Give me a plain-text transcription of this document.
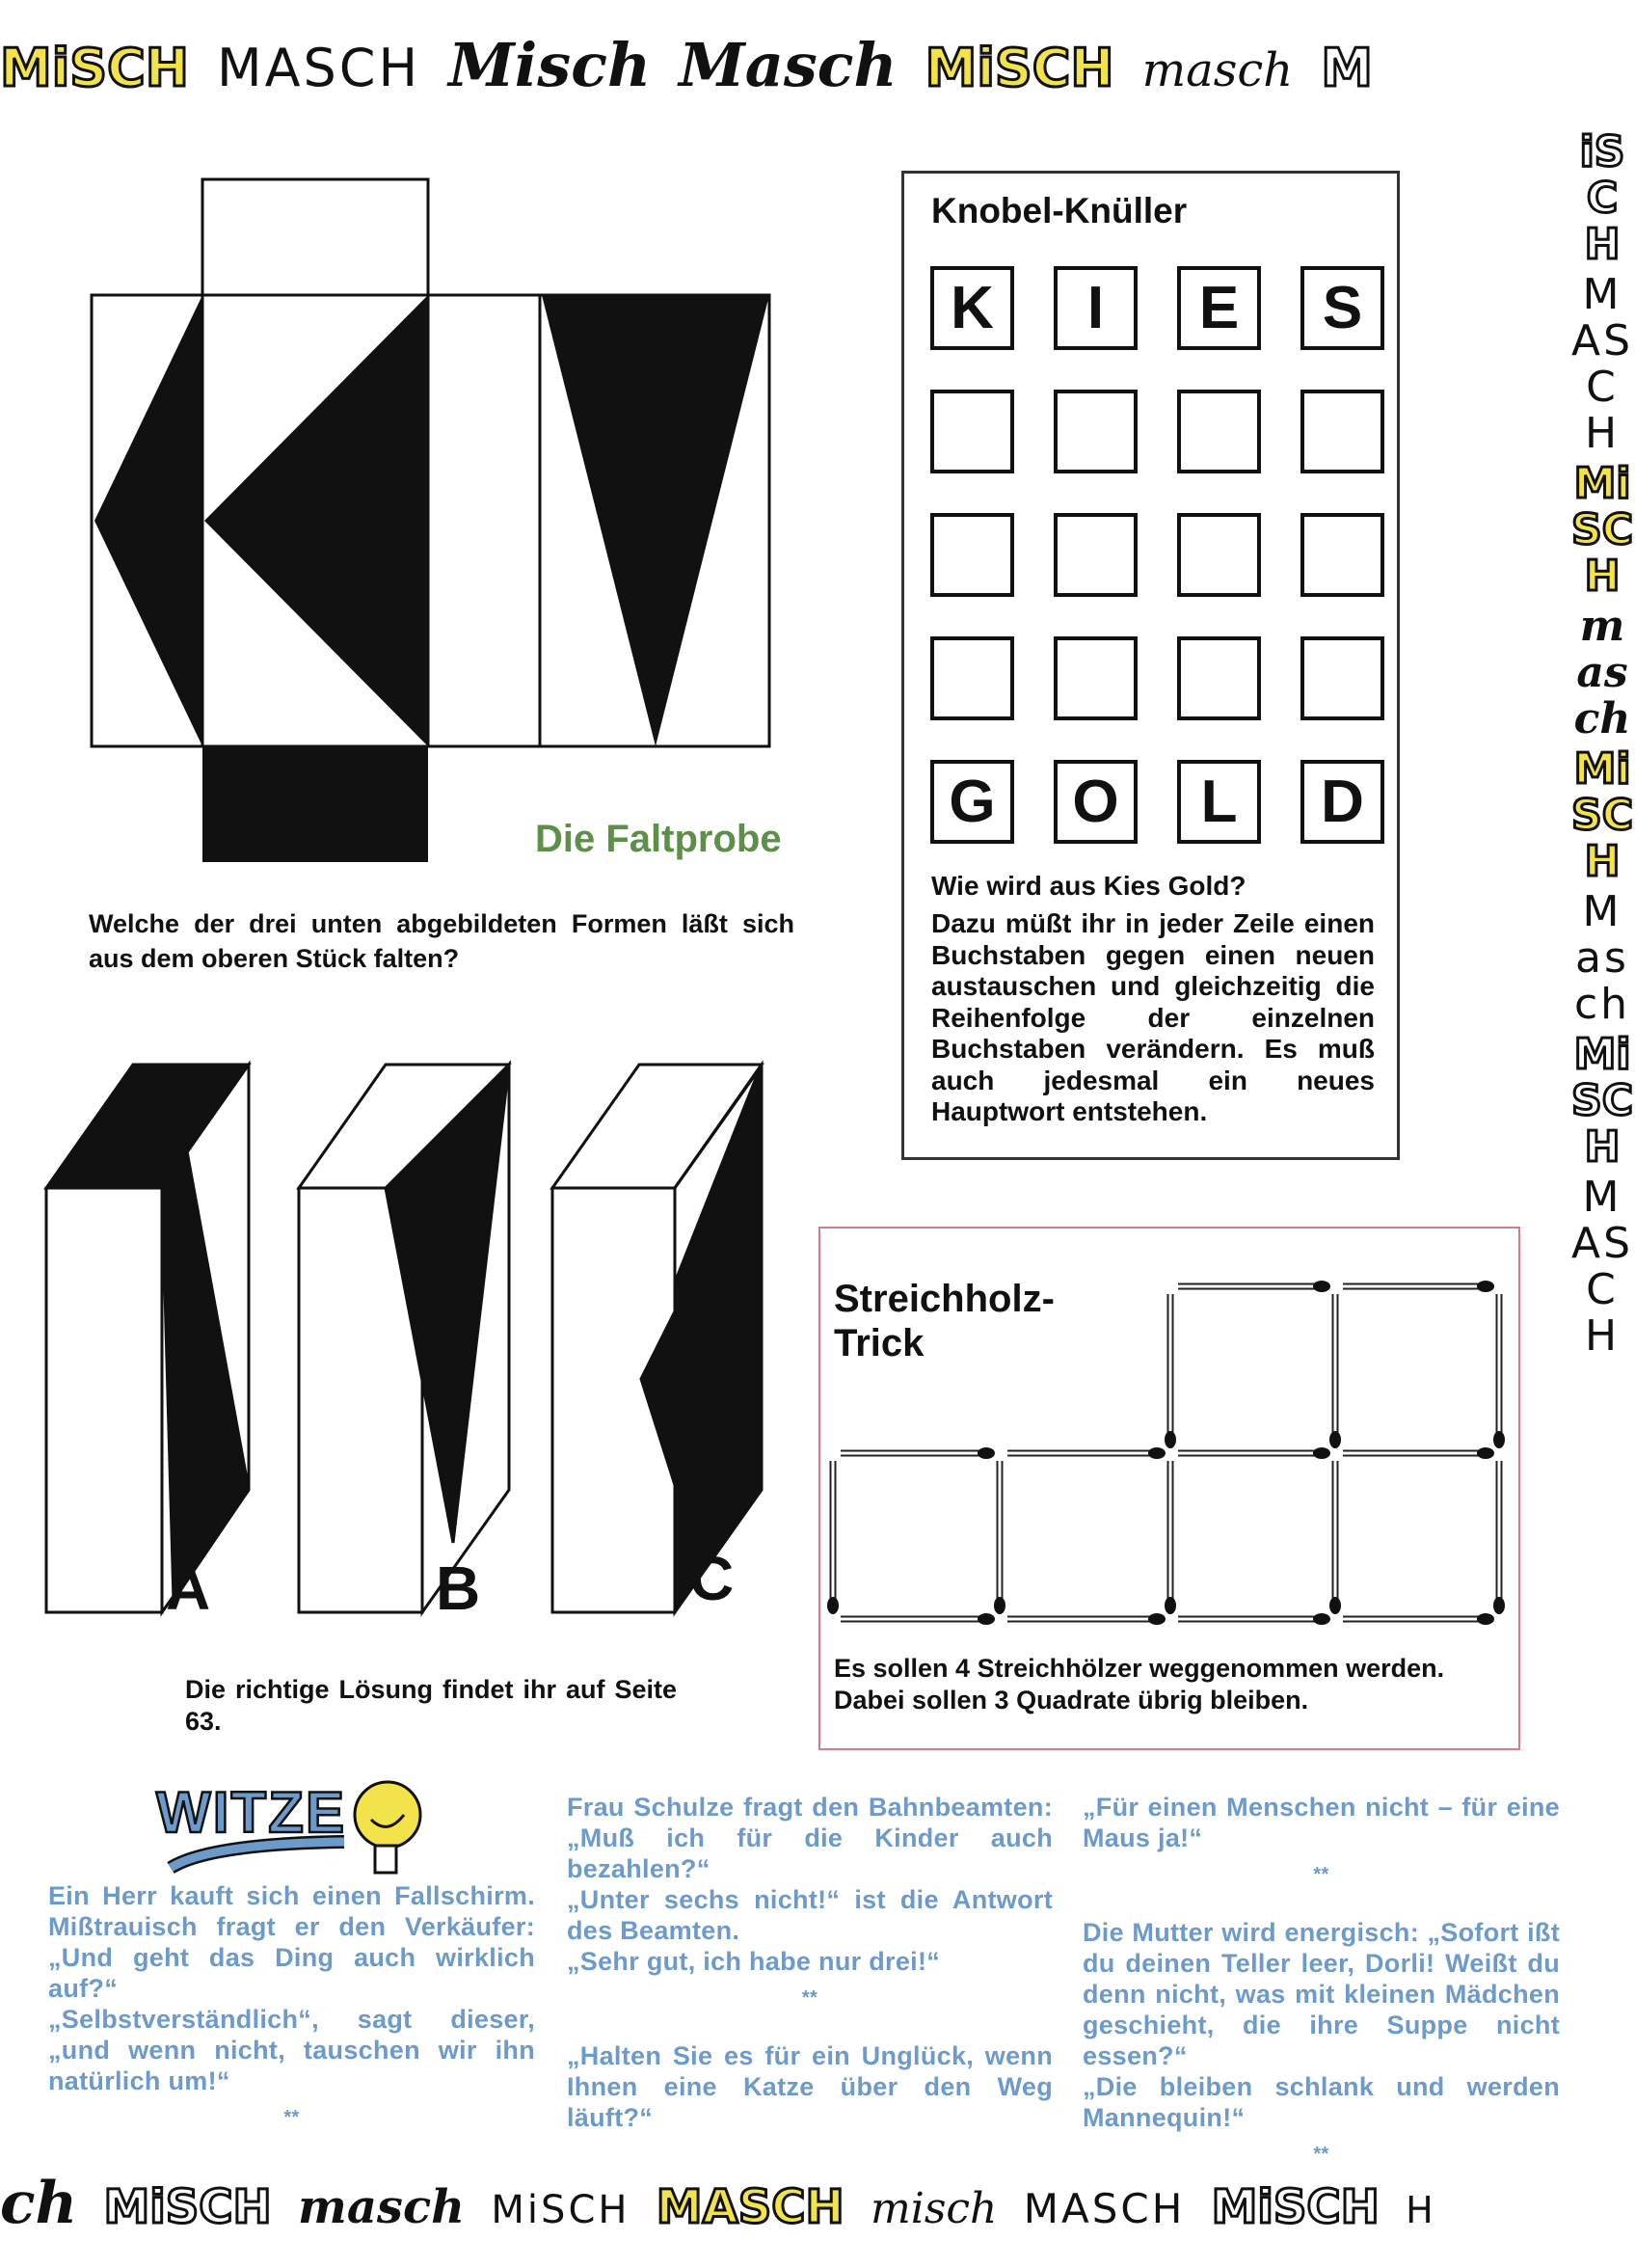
MiSCH MASCH Misch Masch MiSCH masch M
iSCH
MASCH
MiSCH
masch
MiSCH
Masch
MiSCH
MASCH
ch MiSCH masch MiSCH MASCH misch MASCH MiSCH H
A	B	C
Die Faltprobe
Welche der drei unten abgebildeten Formen läßt sich aus dem oberen Stück falten?
Die richtige Lösung findet ihr auf Seite 63.
Knobel-Knüller
K	I	E	S
G	O	L	D
Wie wird aus Kies Gold?
Dazu müßt ihr in jeder Zeile einen Buchstaben gegen einen neuen austauschen und gleichzeitig die Reihenfolge der einzelnen Buchstaben verändern. Es muß auch jedesmal ein neues Hauptwort entstehen.
Streichholz-Trick
Es sollen 4 Streichhölzer weggenommen werden. Dabei sollen 3 Quadrate übrig bleiben.
WITZE

Ein Herr kauft sich einen Fallschirm. Mißtrauisch fragt er den Verkäufer: „Und geht das Ding auch wirklich auf?“

„Selbstverständlich“, sagt dieser, „und wenn nicht, tauschen wir ihn natürlich um!“

**

Frau Schulze fragt den Bahnbeamten: „Muß ich für die Kinder auch bezahlen?“

„Unter sechs nicht!“ ist die Antwort des Beamten.

„Sehr gut, ich habe nur drei!“

**

„Halten Sie es für ein Unglück, wenn Ihnen eine Katze über den Weg läuft?“

„Für einen Menschen nicht – für eine Maus ja!“

**

Die Mutter wird energisch: „Sofort ißt du deinen Teller leer, Dorli! Weißt du denn nicht, was mit kleinen Mädchen geschieht, die ihre Suppe nicht essen?“

„Die bleiben schlank und werden Mannequin!“

**
